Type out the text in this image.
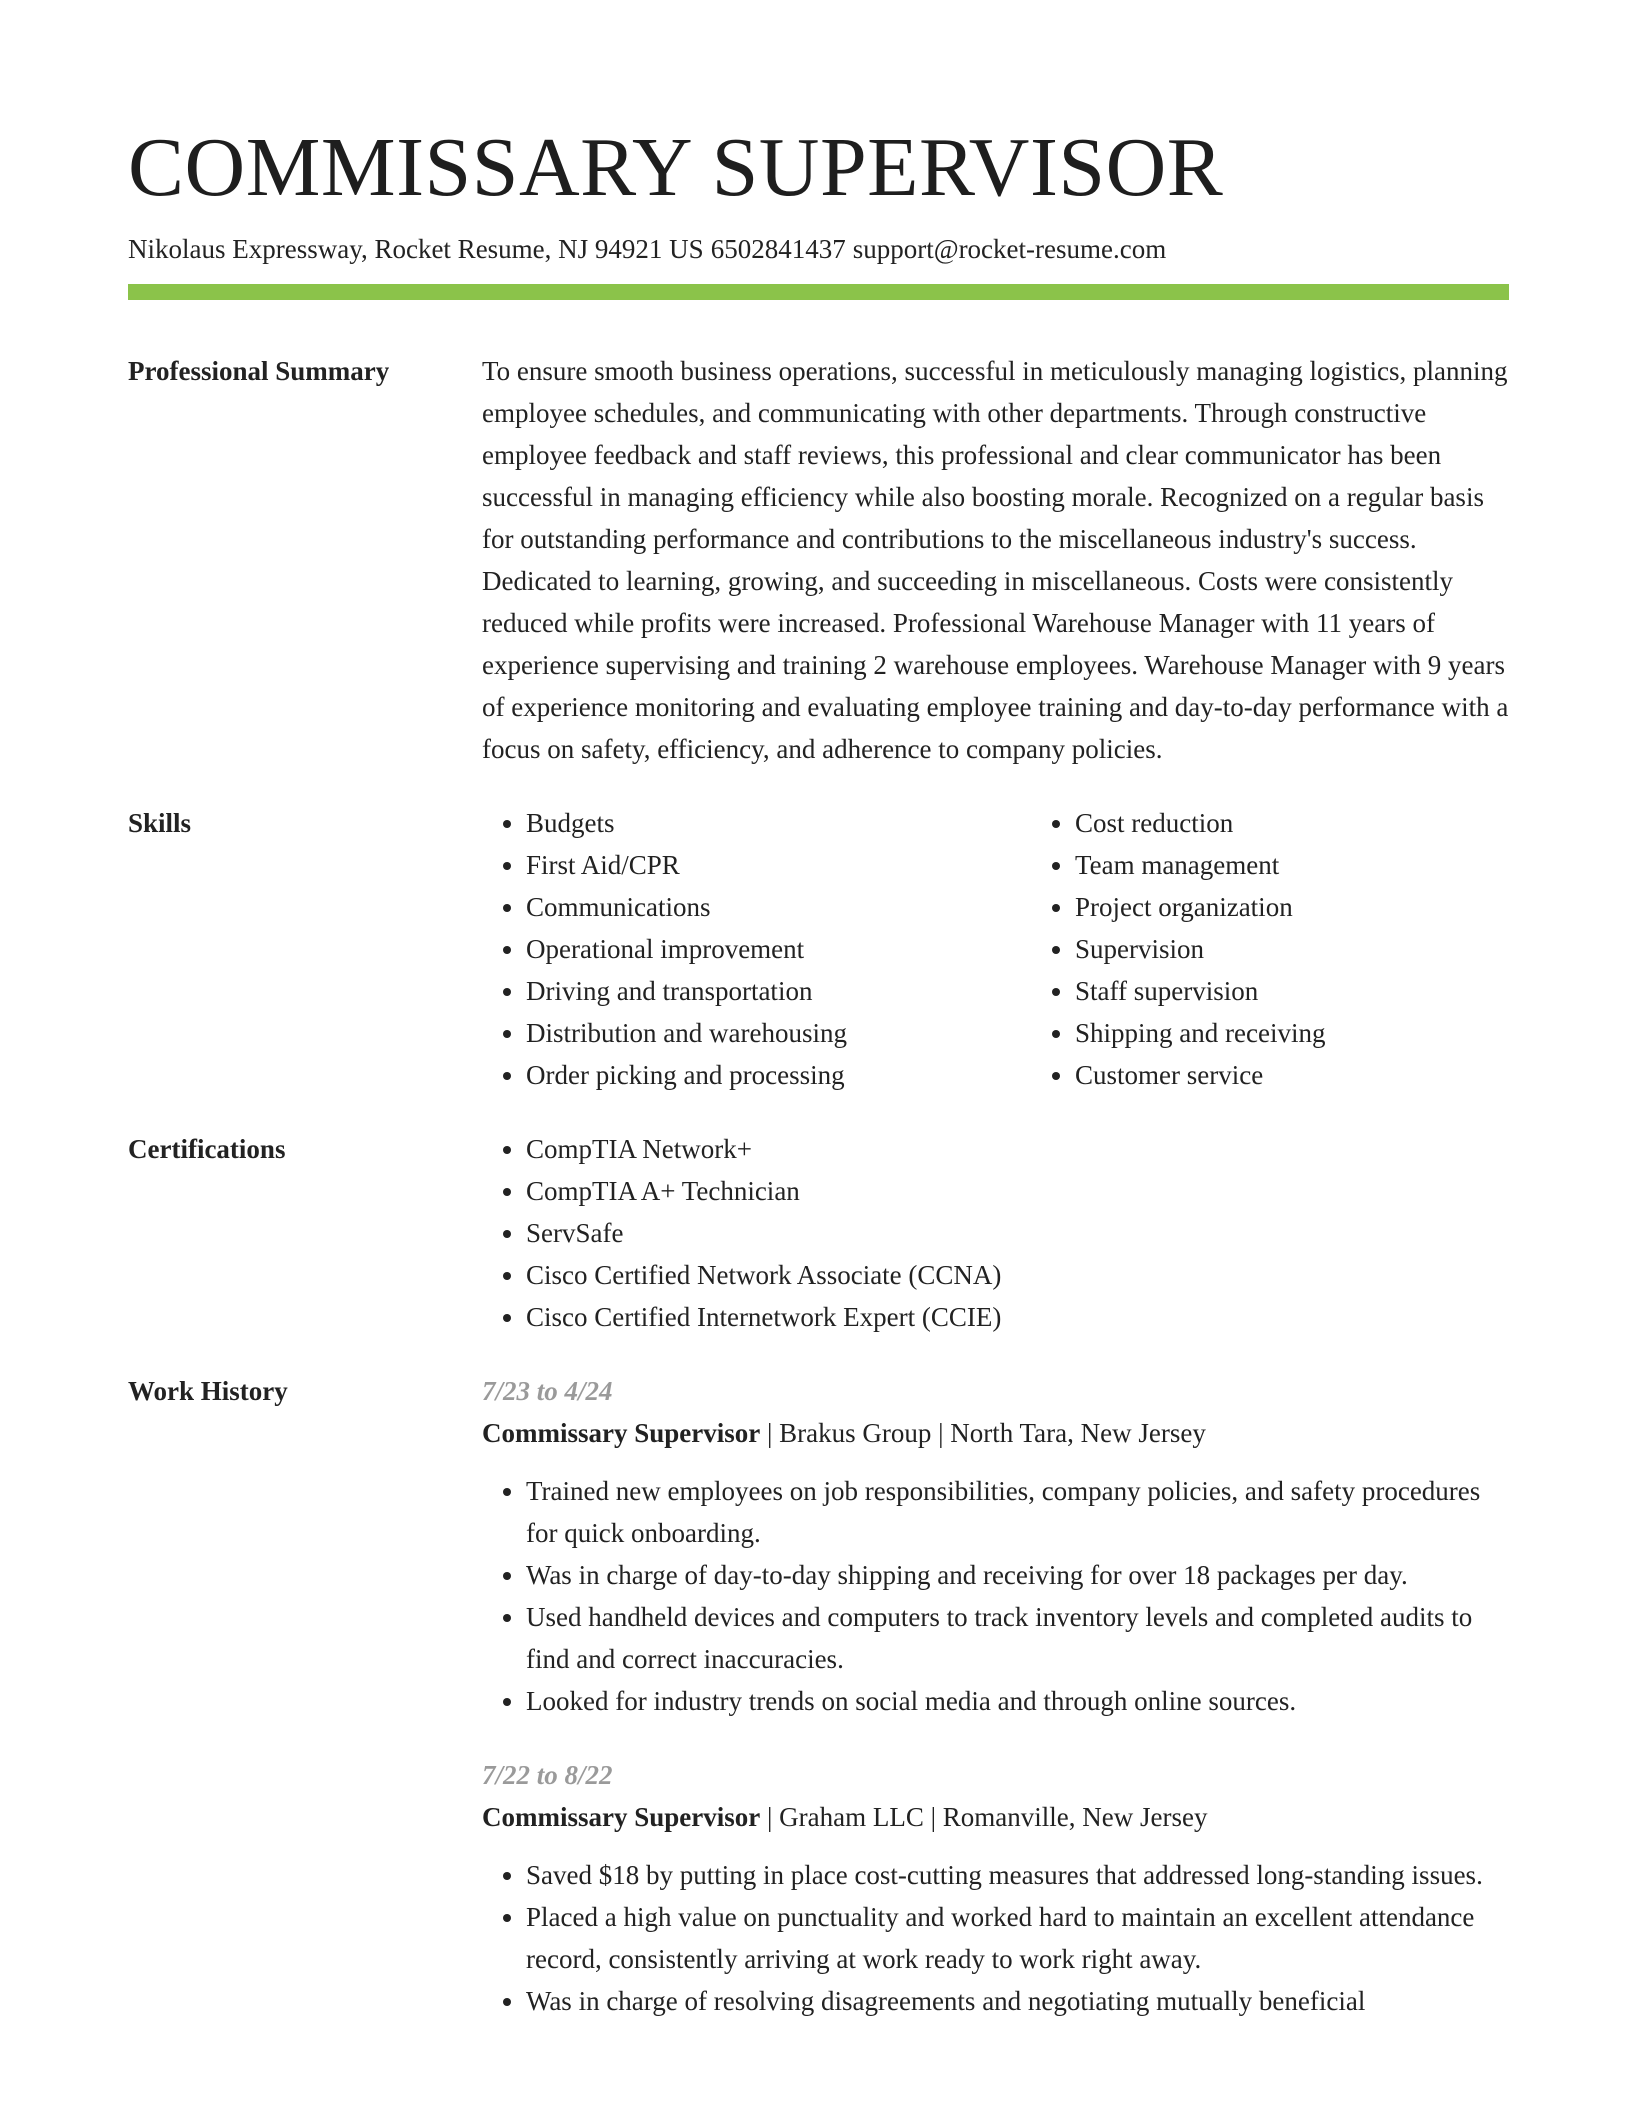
COMMISSARY SUPERVISOR
Nikolaus Expressway, Rocket Resume, NJ 94921 US 6502841437 support@rocket-resume.com
Professional Summary	To ensure smooth business operations, successful in meticulously managing logistics, planning employee schedules, and communicating with other departments. Through constructive employee feedback and staff reviews, this professional and clear communicator has been successful in managing efficiency while also boosting morale. Recognized on a regular basis for outstanding performance and contributions to the miscellaneous industry's success. Dedicated to learning, growing, and succeeding in miscellaneous. Costs were consistently reduced while profits were increased. Professional Warehouse Manager with 11 years of experience supervising and training 2 warehouse employees. Warehouse Manager with 9 years of experience monitoring and evaluating employee training and day-to-day performance with a focus on safety, efficiency, and adherence to company policies.
Skills	• Budgets
• First Aid/CPR
• Communications
• Operational improvement
• Driving and transportation
• Distribution and warehousing
• Order picking and processing
• Cost reduction
• Team management
• Project organization
• Supervision
• Staff supervision
• Shipping and receiving
• Customer service
Certifications	• CompTIA Network+
• CompTIA A+ Technician
• ServSafe
• Cisco Certified Network Associate (CCNA)
• Cisco Certified Internetwork Expert (CCIE)
Work History	7/23 to 4/24
Commissary Supervisor | Brakus Group | North Tara, New Jersey
• Trained new employees on job responsibilities, company policies, and safety procedures for quick onboarding.
• Was in charge of day-to-day shipping and receiving for over 18 packages per day.
• Used handheld devices and computers to track inventory levels and completed audits to find and correct inaccuracies.
• Looked for industry trends on social media and through online sources.
7/22 to 8/22
Commissary Supervisor | Graham LLC | Romanville, New Jersey
• Saved $18 by putting in place cost-cutting measures that addressed long-standing issues.
• Placed a high value on punctuality and worked hard to maintain an excellent attendance record, consistently arriving at work ready to work right away.
• Was in charge of resolving disagreements and negotiating mutually beneficial
